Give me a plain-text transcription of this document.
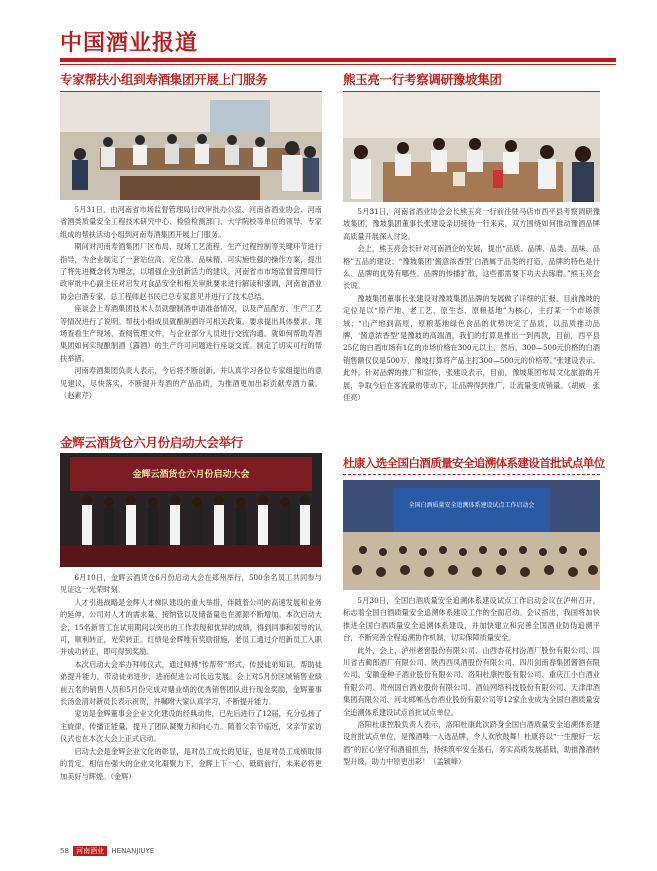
中国酒业报道
专家帮扶小组到寿酒集团开展上门服务

5月31日，由河南省市场监督管理局行政审批办公室、河南省酒业协会、河南省酒类质量安全工程技术研究中心、检验检测部门、大学院校等单位的领导、专家组成的帮扶活动小组到河南寿酒集团开展上门服务。

期间对河南寿酒集团厂区布局、现场工艺流程、生产过程控制等关键环节进行指导，为企业制定了一套站位高、定位准、品味精、可实施性强的操作方案，提出了将先进概念转为理念，以增强企业创新活力的建议。河南省市市场监督管理局行政审批中心副主任对启发对食品安全和相关审批要求进行解读和强调，河南省酒业协会白酒专家、总工程师赵书民已总专家意见并进行了技术总结。

座谈会上寿酒集团技术人员就酿制酒申请准备情况，以及产品配方、生产工艺等情况进行了说明。帮扶小组成员就酿制酒许可相关政策、要求提出具体要求。现场查看生产现场，查阅管理文件，与企业部分人员进行交流沟通。就如何帮助寿酒集团如何实现酿制酒（露酒）的生产许可问题进行座谈交流。制定了切实可行的帮扶举措。

河南寿酒集团负责人表示，今后将不断创新，并认真学习各位专家组提出的意见建议，尽快落实，不断提升寿酒的产品品质，为推酒更加出彩贡献寿酒力量。（赵素芹）

金辉云酒货仓六月份启动大会举行
金辉云酒货仓六月份启动大会

6月10日，金辉云酒货仓6月份启动大会在郑州举行，500余名员工共同参与见证这一光荣时刻。

人才引进战略是金辉人才梯队建设的重大举措，伴随着公司的高速发展和业务的延伸，公司对人才的需求量、接纳管以及储备量也在源源不断增加。本次启动大会，15名新晋工在试用期间以突出的工作表现和优异的成绩，得到同事和领导的认可，顺利转正，光荣转正。红绩是金辉唯有奖励措施，老员工通过介绍新员工入职并成功转正，即可得到奖励。

本次启动大会举办拜师仪式，通过师傅“传帮带”形式，传授徒弟知识，帮助徒弟提升能力，带动徒弟进步，进而促进公司长远发展。会上对5月份区域销售业绩前五名的销售人员和5月份完成对赌业绩的优秀销售团队进行现金奖励，金辉董事长汤金清对新员长表示祝贺，并嘱咐大家认真学习，不断提升能力。

家访是金辉董事会企业文化建设的经典动作，已先后进行了12届，充分弘扬了主旋律，传播正能量，提升了团队凝聚力和向心力。随着父亲节临近，父亲节家访仪式也在本次大会上正式启动。

启动大会是金辉企业文化的彰显，是对员工成长的见证，也是对员工成绩取得的肯定，相信在强大的企业文化凝聚力下，金辉上下一心，砥砺前行，未来必将更加美好与辉煌。（金辉）

熊玉亮一行考察调研豫坡集团

5月31日，河南省酒业协会会长熊玉亮一行前往驻马店市西平县考察调研豫坡集团，豫坡集团董事长张建设亲切接待一行来宾，双方围绕如何推动豫酒品牌高质量开展深入讨论。

会上，熊玉亮会长针对河南酒企的发展，提出“品质、品牌、品类、品味、品格”五品的建设；“豫坡集团‘酱意浓香型’白酒属于品类的打造，品牌的特色是什么、品牌的优势有哪些、品牌的传播扩散，这些都需要下功夫去琢磨。”熊玉亮会长说。

豫坡集团董事长张建设对豫坡集团品牌的发展做了详细的汇报，目前豫坡的定位是以“原产地、老工艺、原生态、原粮基地”为核心，主打某一个市场领域；“山产地到高原，原粮基地绿色食品的优势决定了品质，以品质推动品牌，‘酱意浓香型’是豫坡的高端酒，我们的打算是推出一到两款，目前，西平县25亿的白酒市场有1亿的市场价格在300元以上，然后，300—500元价格的白酒销售额仅仅是500万，豫坡打算将产品主打300—500元的价格带。”张建设表示。此外，针对品牌的推广和宣传，张建设表示，目前，豫坡集团布局文化旅游的开展，争取今后在客流量的带动下，让品牌得到推广，让流量变成销量。（胡威　张佳亮）

杜康入选全国白酒质量安全追溯体系建设首批试点单位
全国白酒质量安全追溯体系建设试点工作启动会

5月30日，全国白酒质量安全追溯体系建设试点工作启动会议在泸州召开，标志着全国白酒质量安全追溯体系建设工作的全面启动。会议指出，我国将加快推进全国白酒质量安全追溯体系建设，并加快建立和完善全国酒业防伪追溯平台，不断完善全程追溯协作机制，切实保障质量安全。

此外，会上，泸州老窖股份有限公司、山西杏花村汾酒厂股份有限公司、四川省古蔺郎酒厂有限公司、陕西西凤酒股份有限公司、四川剑南春集团酱酒有限公司、安徽金种子酒业股份有限公司、洛阳杜康控股有限公司、重庆江小白酒业有限公司、贵州国台酒业股份有限公司、酒仙网络科技股份有限公司、天津津酒集团有限公司、河北邯郸丛台酒业股份有限公司等12家企业成为全国白酒质量安全追溯体系建设试点首批试点单位。

洛阳杜康控股负责人表示，洛阳杜康此次跻身全国白酒质量安全追溯体系建设首批试点单位，是豫酒唯一入选品牌，令人欢欣鼓舞！杜康将以“一生酿好一坛酒”的匠心坚守和酒祖担当，持续筑牢安全基石，务实高质发展基础，助推豫酒转型升级，助力中原更出彩！（孟颖峰）

58 河南酒业 HENANJIUYE
